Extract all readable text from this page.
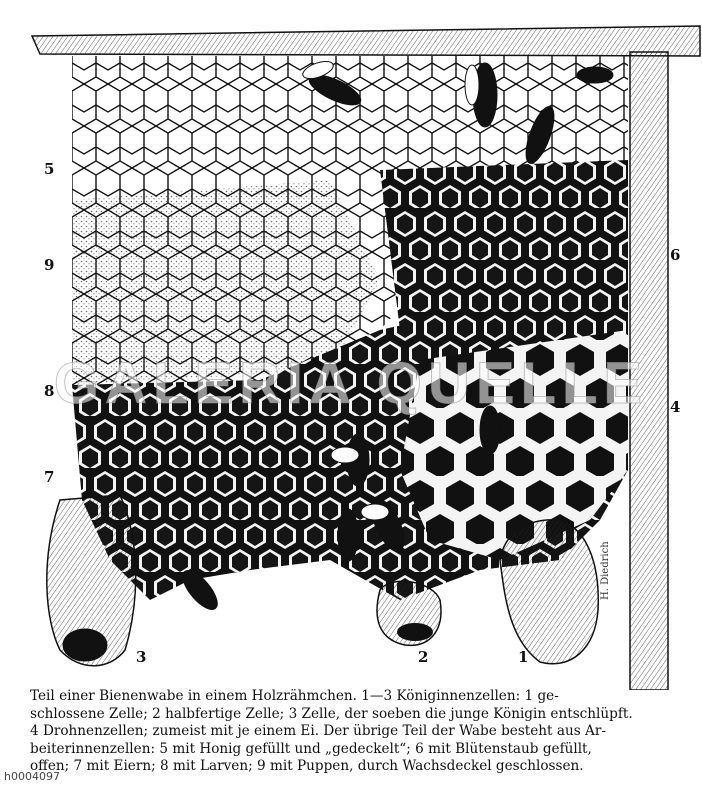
5
9
8
7
6
4
3	2	1
GALERIA QUELLE
H. Diedrich
Teil einer Bienenwabe in einem Holzrähmchen. 1—3 Königinnenzellen: 1 ge-
schlossene Zelle; 2 halbfertige Zelle; 3 Zelle, der soeben die junge Königin entschlüpft.
4 Drohnenzellen; zumeist mit je einem Ei. Der übrige Teil der Wabe besteht aus Ar-
beiterinnenzellen: 5 mit Honig gefüllt und „gedeckelt“; 6 mit Blütenstaub gefüllt,
offen; 7 mit Eiern; 8 mit Larven; 9 mit Puppen, durch Wachsdeckel geschlossen.
h0004097
